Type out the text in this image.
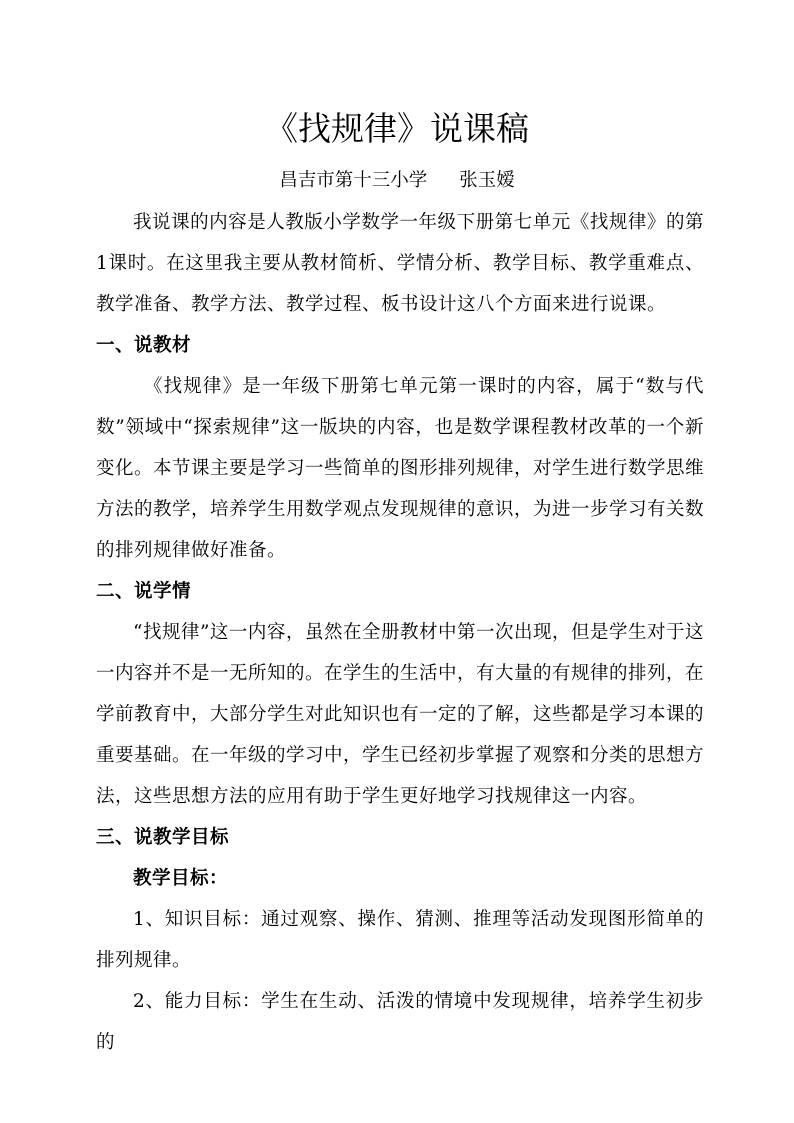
《找规律》说课稿
昌吉市第十三小学 张玉嫒

我说课的内容是人教版小学数学一年级下册第七单元《找规律》的第1课时。在这里我主要从教材简析、学情分析、教学目标、教学重难点、教学准备、教学方法、教学过程、板书设计这八个方面来进行说课。

一、说教材

《找规律》是一年级下册第七单元第一课时的内容，属于“数与代数”领域中“探索规律”这一版块的内容，也是数学课程教材改革的一个新变化。本节课主要是学习一些简单的图形排列规律，对学生进行数学思维方法的教学，培养学生用数学观点发现规律的意识，为进一步学习有关数的排列规律做好准备。

二、说学情

“找规律”这一内容，虽然在全册教材中第一次出现，但是学生对于这一内容并不是一无所知的。在学生的生活中，有大量的有规律的排列，在学前教育中，大部分学生对此知识也有一定的了解，这些都是学习本课的重要基础。在一年级的学习中，学生已经初步掌握了观察和分类的思想方法，这些思想方法的应用有助于学生更好地学习找规律这一内容。

三、说教学目标

教学目标：

1、知识目标：通过观察、操作、猜测、推理等活动发现图形简单的排列规律。

2、能力目标：学生在生动、活泼的情境中发现规律，培养学生初步的
